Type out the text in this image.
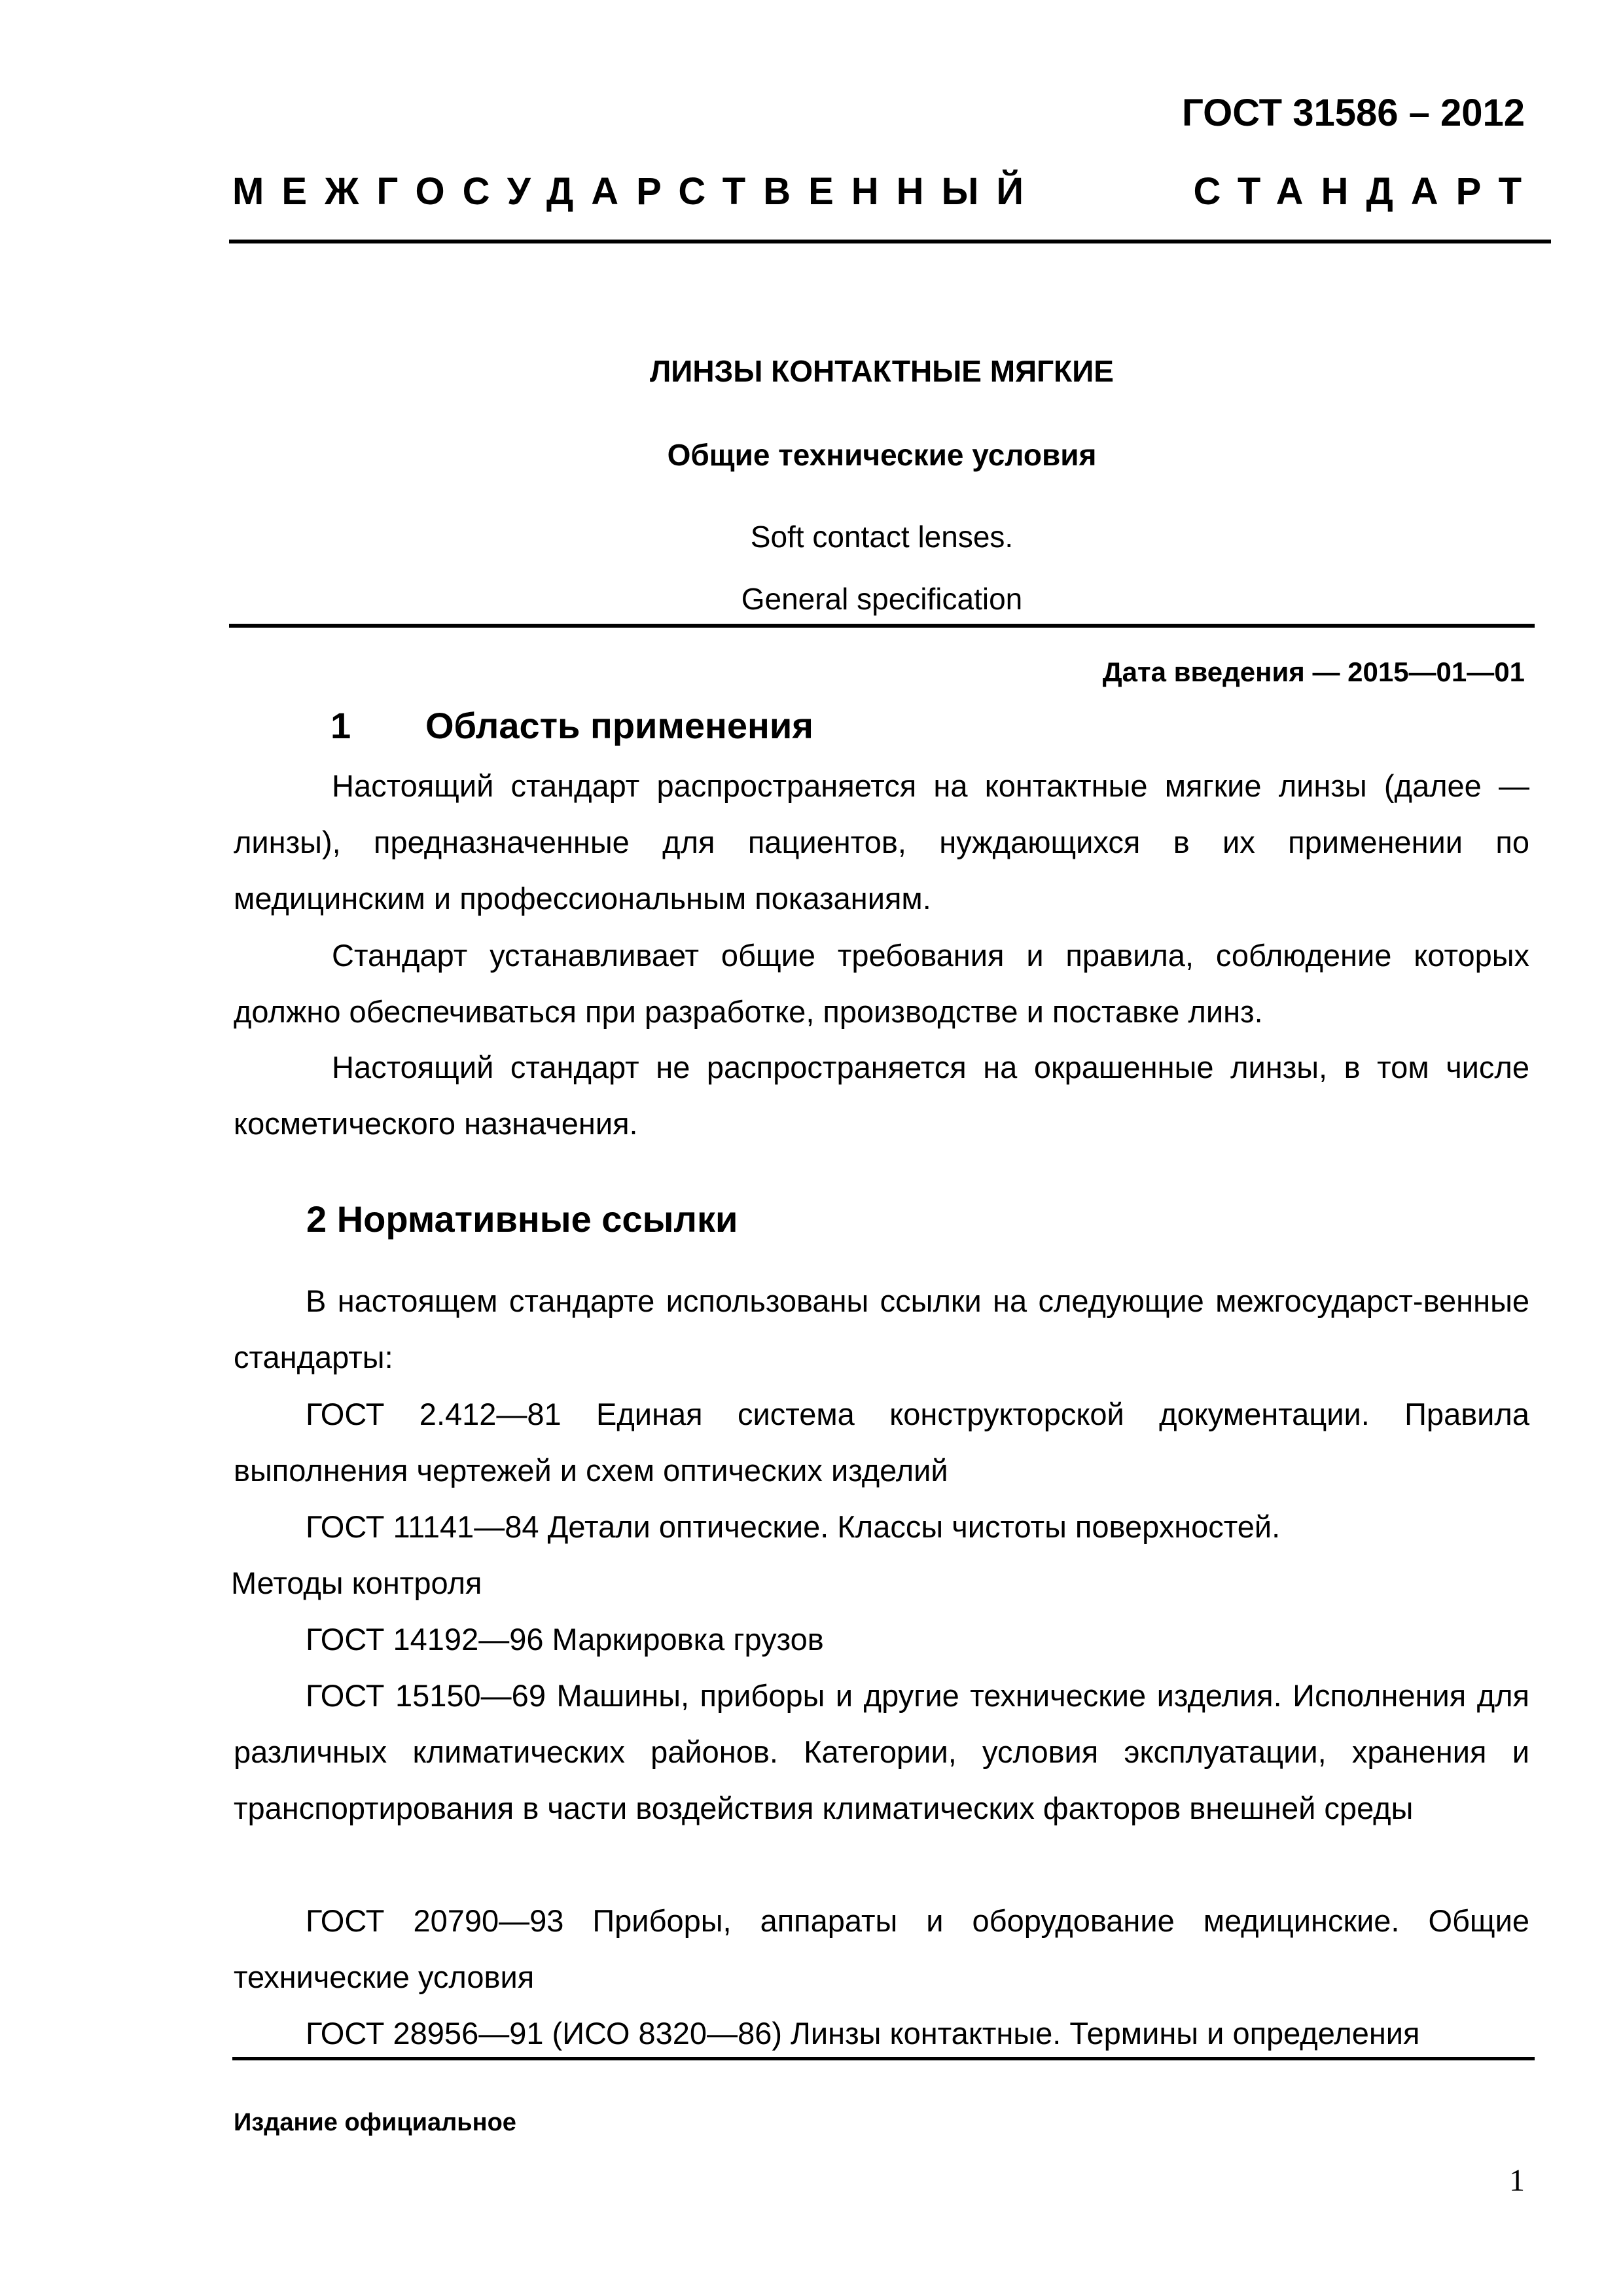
ГОСТ 31586 – 2012
МЕЖГОСУДАРСТВЕННЫЙ	СТАНДАРТ
ЛИНЗЫ КОНТАКТНЫЕ МЯГКИЕ
Общие технические условия
Soft contact lenses.
General specification
Дата введения — 2015—01—01
1 Область применения

Настоящий стандарт распространяется на контактные мягкие линзы (далее — линзы), предназначенные для пациентов, нуждающихся в их применении по медицинским и профессиональным показаниям.

Стандарт устанавливает общие требования и правила, соблюдение которых должно обеспечиваться при разработке, производстве и поставке линз.

Настоящий стандарт не распространяется на окрашенные линзы, в том числе косметического назначения.

2 Нормативные ссылки

В настоящем стандарте использованы ссылки на следующие межгосударст-венные стандарты:

ГОСТ 2.412—81 Единая система конструкторской документации. Правила выполнения чертежей и схем оптических изделий

ГОСТ 11141—84 Детали оптические. Классы чистоты поверхностей.
Методы контроля

ГОСТ 14192—96 Маркировка грузов

ГОСТ 15150—69 Машины, приборы и другие технические изделия. Исполнения для различных климатических районов. Категории, условия эксплуатации, хранения и транспортирования в части воздействия климатических факторов внешней среды

ГОСТ 20790—93 Приборы, аппараты и оборудование медицинские. Общие технические условия

ГОСТ 28956—91 (ИСО 8320—86) Линзы контактные. Термины и определения

Издание официальное
1
